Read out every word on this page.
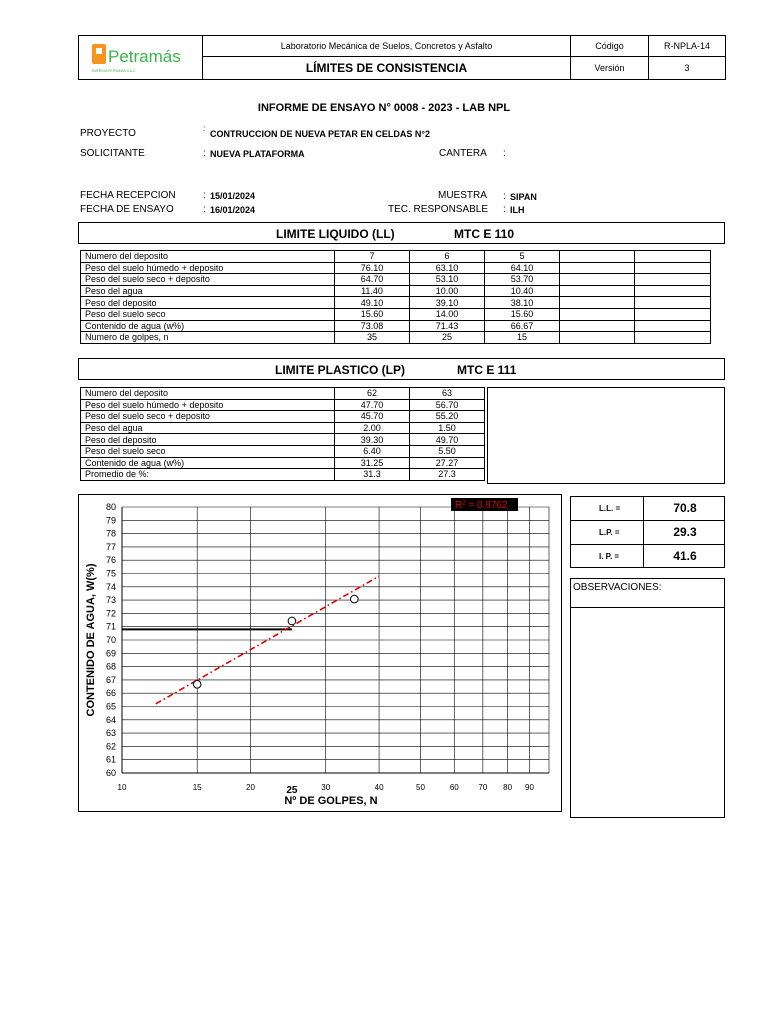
Petramás
EMPRESA PETRAMÁS S.A.C.
Laboratorio Mecánica de Suelos, Concretos y Asfalto
LÍMITES DE CONSISTENCIA
Código	R-NPLA-14
Versión	3
INFORME DE ENSAYO N° 0008 - 2023 - LAB NPL
PROYECTO	:
CONTRUCCION DE NUEVA PETAR EN CELDAS N°2
SOLICITANTE	: NUEVA PLATAFORMA	CANTERA :
FECHA RECEPCION	: 15/01/2024	MUESTRA : SIPAN
FECHA DE ENSAYO	: 16/01/2024	TEC. RESPONSABLE : ILH
LIMITE LIQUIDO (LL)	MTC E 110
Numero del deposito	7	6	5		
Peso del suelo húmedo + deposito	76.10	63.10	64.10		
Peso del suelo seco + deposito	64.70	53.10	53.70		
Peso del agua	11.40	10.00	10.40		
Peso del deposito	49.10	39.10	38.10		
Peso del suelo seco	15.60	14.00	15.60		
Contenido de agua (w%)	73.08	71.43	66.67		
Numero de golpes, n	35	25	15		
LIMITE PLASTICO (LP)	MTC E 111
Numero del deposito	62	63
Peso del suelo húmedo + deposito	47.70	56.70
Peso del suelo seco + deposito	45.70	55.20
Peso del agua	2.00	1.50
Peso del deposito	39.30	49.70
Peso del suelo seco	6.40	5.50
Contenido de agua (w%)	31.25	27.27
Promedio de %:	31.3	27.3
60
61
62
63
64
65
66
67
68
69
70
71
72
73
74
75
76
77
78
79
80
10	15	20	30	40	50	60 70 80 90
R² = 0.9762
25
Nº DE GOLPES, N
CONTENIDO DE AGUA, W(%)
L.L. =	70.8
L.P. =	29.3
I. P. =	41.6
OBSERVACIONES:
